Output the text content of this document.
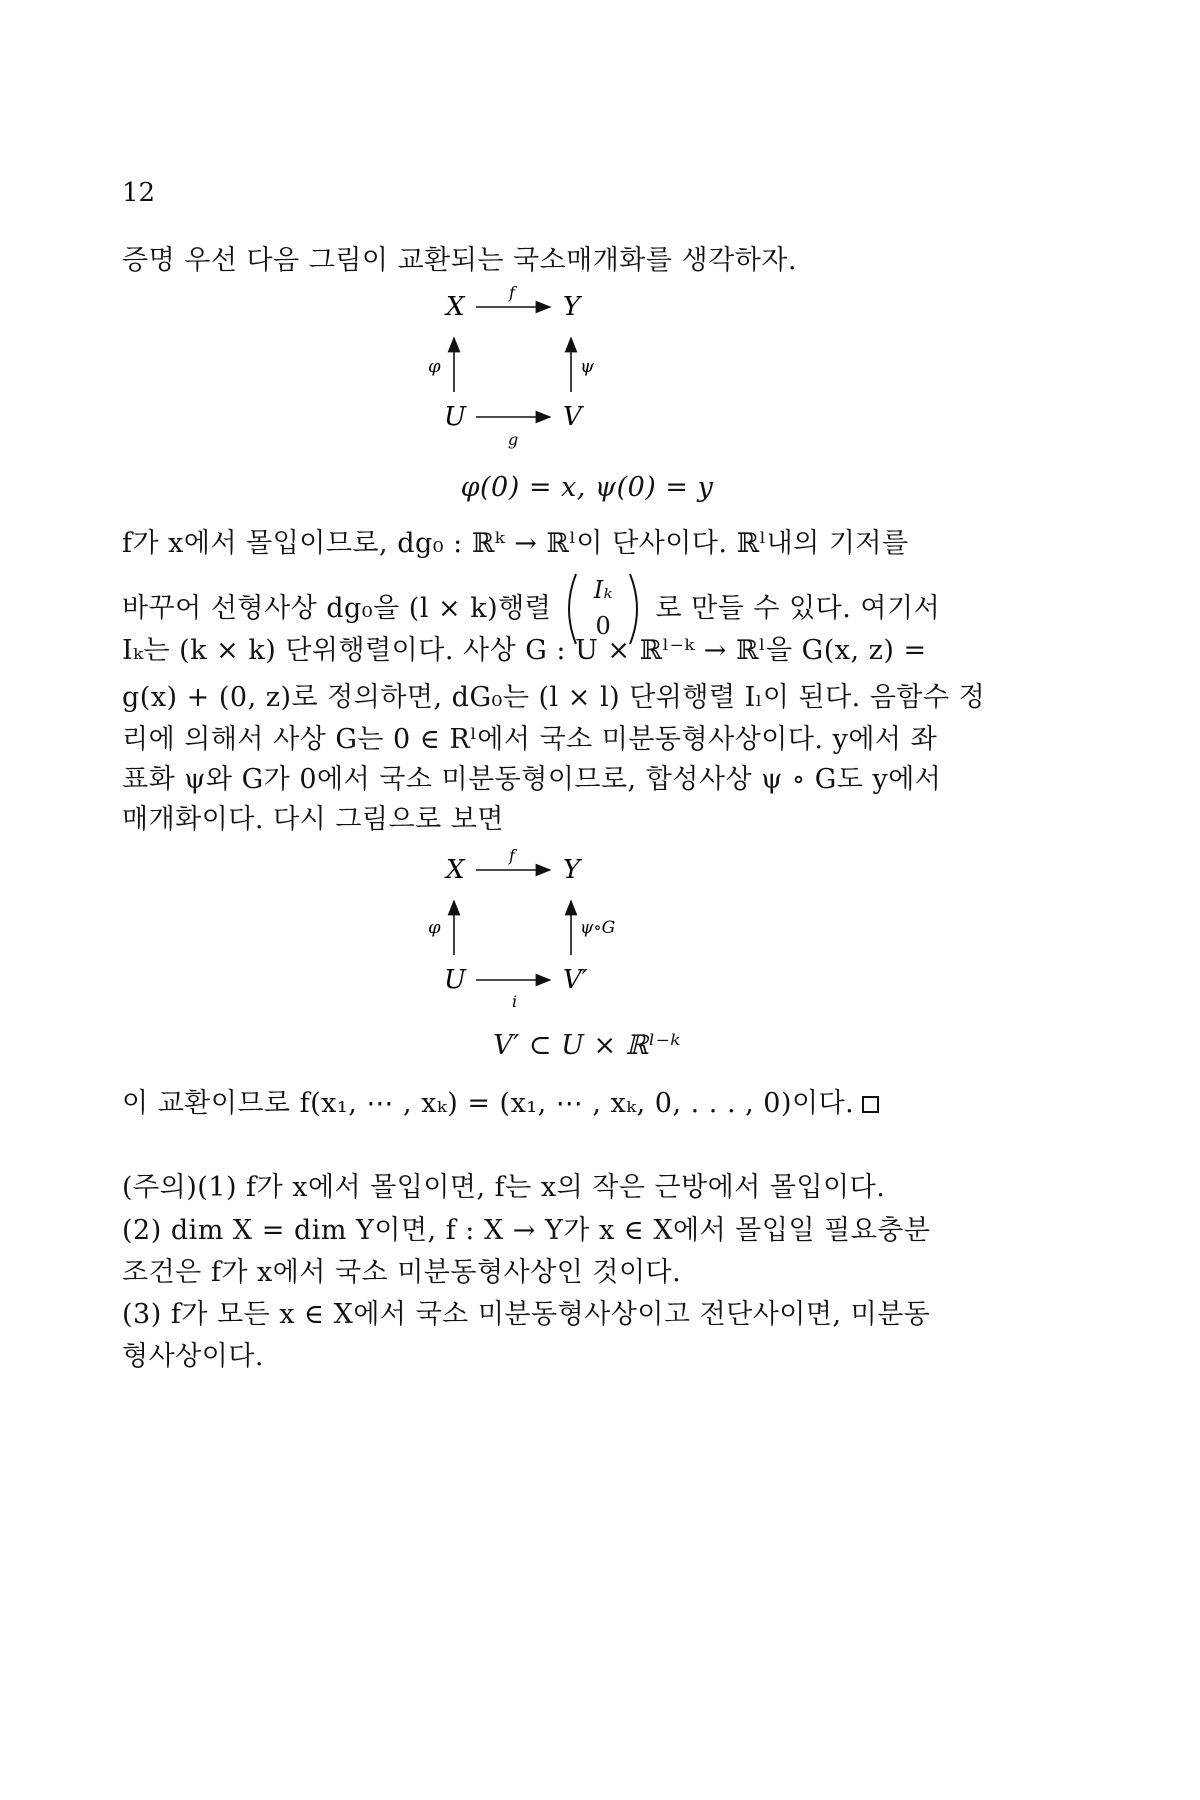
12
증명 우선 다음 그림이 교환되는 국소매개화를 생각하자.
X	Y
f
φ	ψ
U	V
g
φ(0) = x, ψ(0) = y
f가 x에서 몰입이므로, dg₀ : ℝᵏ → ℝˡ이 단사이다. ℝˡ내의 기저를
바꾸어 선형사상 dg₀을 (l × k)행렬
Iₖ
0
로 만들 수 있다. 여기서
Iₖ는 (k × k) 단위행렬이다. 사상 G : U × ℝˡ⁻ᵏ → ℝˡ을 G(x, z) =
g(x) + (0, z)로 정의하면, dG₀는 (l × l) 단위행렬 Iₗ이 된다. 음함수 정
리에 의해서 사상 G는 0 ∈ Rˡ에서 국소 미분동형사상이다. y에서 좌
표화 ψ와 G가 0에서 국소 미분동형이므로, 합성사상 ψ ∘ G도 y에서
매개화이다. 다시 그림으로 보면
X	Y
f
φ	ψ∘G
U	V′
i
V′ ⊂ U × ℝˡ⁻ᵏ
이 교환이므로 f(x₁, ⋯ , xₖ) = (x₁, ⋯ , xₖ, 0, . . . , 0)이다.
(주의)(1) f가 x에서 몰입이면, f는 x의 작은 근방에서 몰입이다.
(2) dim X = dim Y이면, f : X → Y가 x ∈ X에서 몰입일 필요충분
조건은 f가 x에서 국소 미분동형사상인 것이다.
(3) f가 모든 x ∈ X에서 국소 미분동형사상이고 전단사이면, 미분동
형사상이다.
